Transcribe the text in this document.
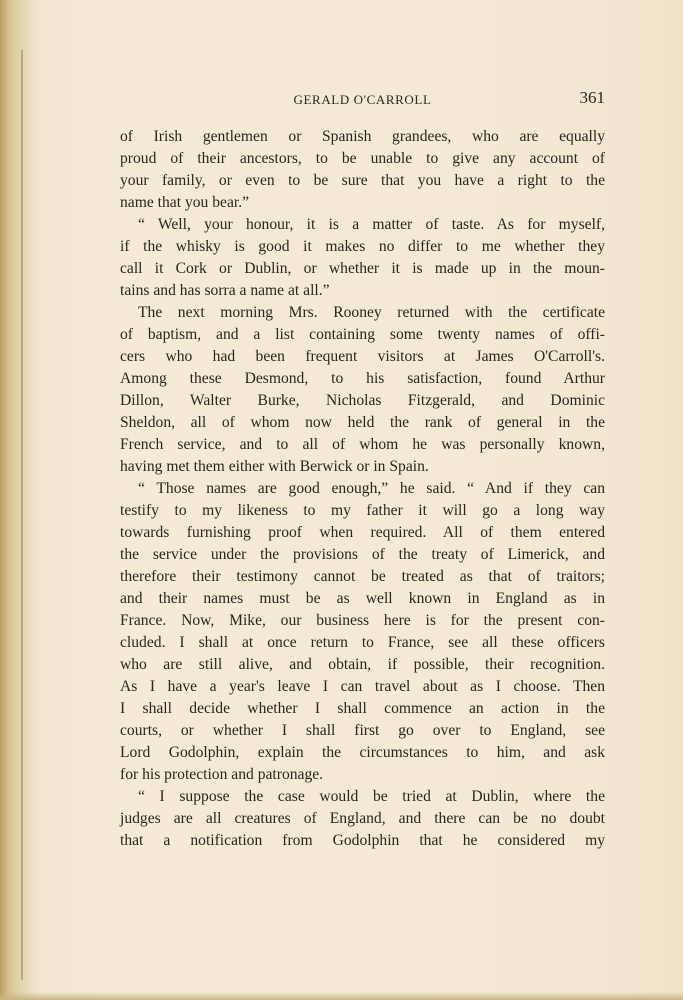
GERALD O'CARROLL	361
of Irish gentlemen or Spanish grandees, who are equally
proud of their ancestors, to be unable to give any account of
your family, or even to be sure that you have a right to the
name that you bear.”
“ Well, your honour, it is a matter of taste. As for myself,
if the whisky is good it makes no differ to me whether they
call it Cork or Dublin, or whether it is made up in the moun-
tains and has sorra a name at all.”
The next morning Mrs. Rooney returned with the certificate
of baptism, and a list containing some twenty names of offi-
cers who had been frequent visitors at James O'Carroll's.
Among these Desmond, to his satisfaction, found Arthur
Dillon, Walter Burke, Nicholas Fitzgerald, and Dominic
Sheldon, all of whom now held the rank of general in the
French service, and to all of whom he was personally known,
having met them either with Berwick or in Spain.
“ Those names are good enough,” he said. “ And if they can
testify to my likeness to my father it will go a long way
towards furnishing proof when required. All of them entered
the service under the provisions of the treaty of Limerick, and
therefore their testimony cannot be treated as that of traitors;
and their names must be as well known in England as in
France. Now, Mike, our business here is for the present con-
cluded. I shall at once return to France, see all these officers
who are still alive, and obtain, if possible, their recognition.
As I have a year's leave I can travel about as I choose. Then
I shall decide whether I shall commence an action in the
courts, or whether I shall first go over to England, see
Lord Godolphin, explain the circumstances to him, and ask
for his protection and patronage.
“ I suppose the case would be tried at Dublin, where the
judges are all creatures of England, and there can be no doubt
that a notification from Godolphin that he considered my
